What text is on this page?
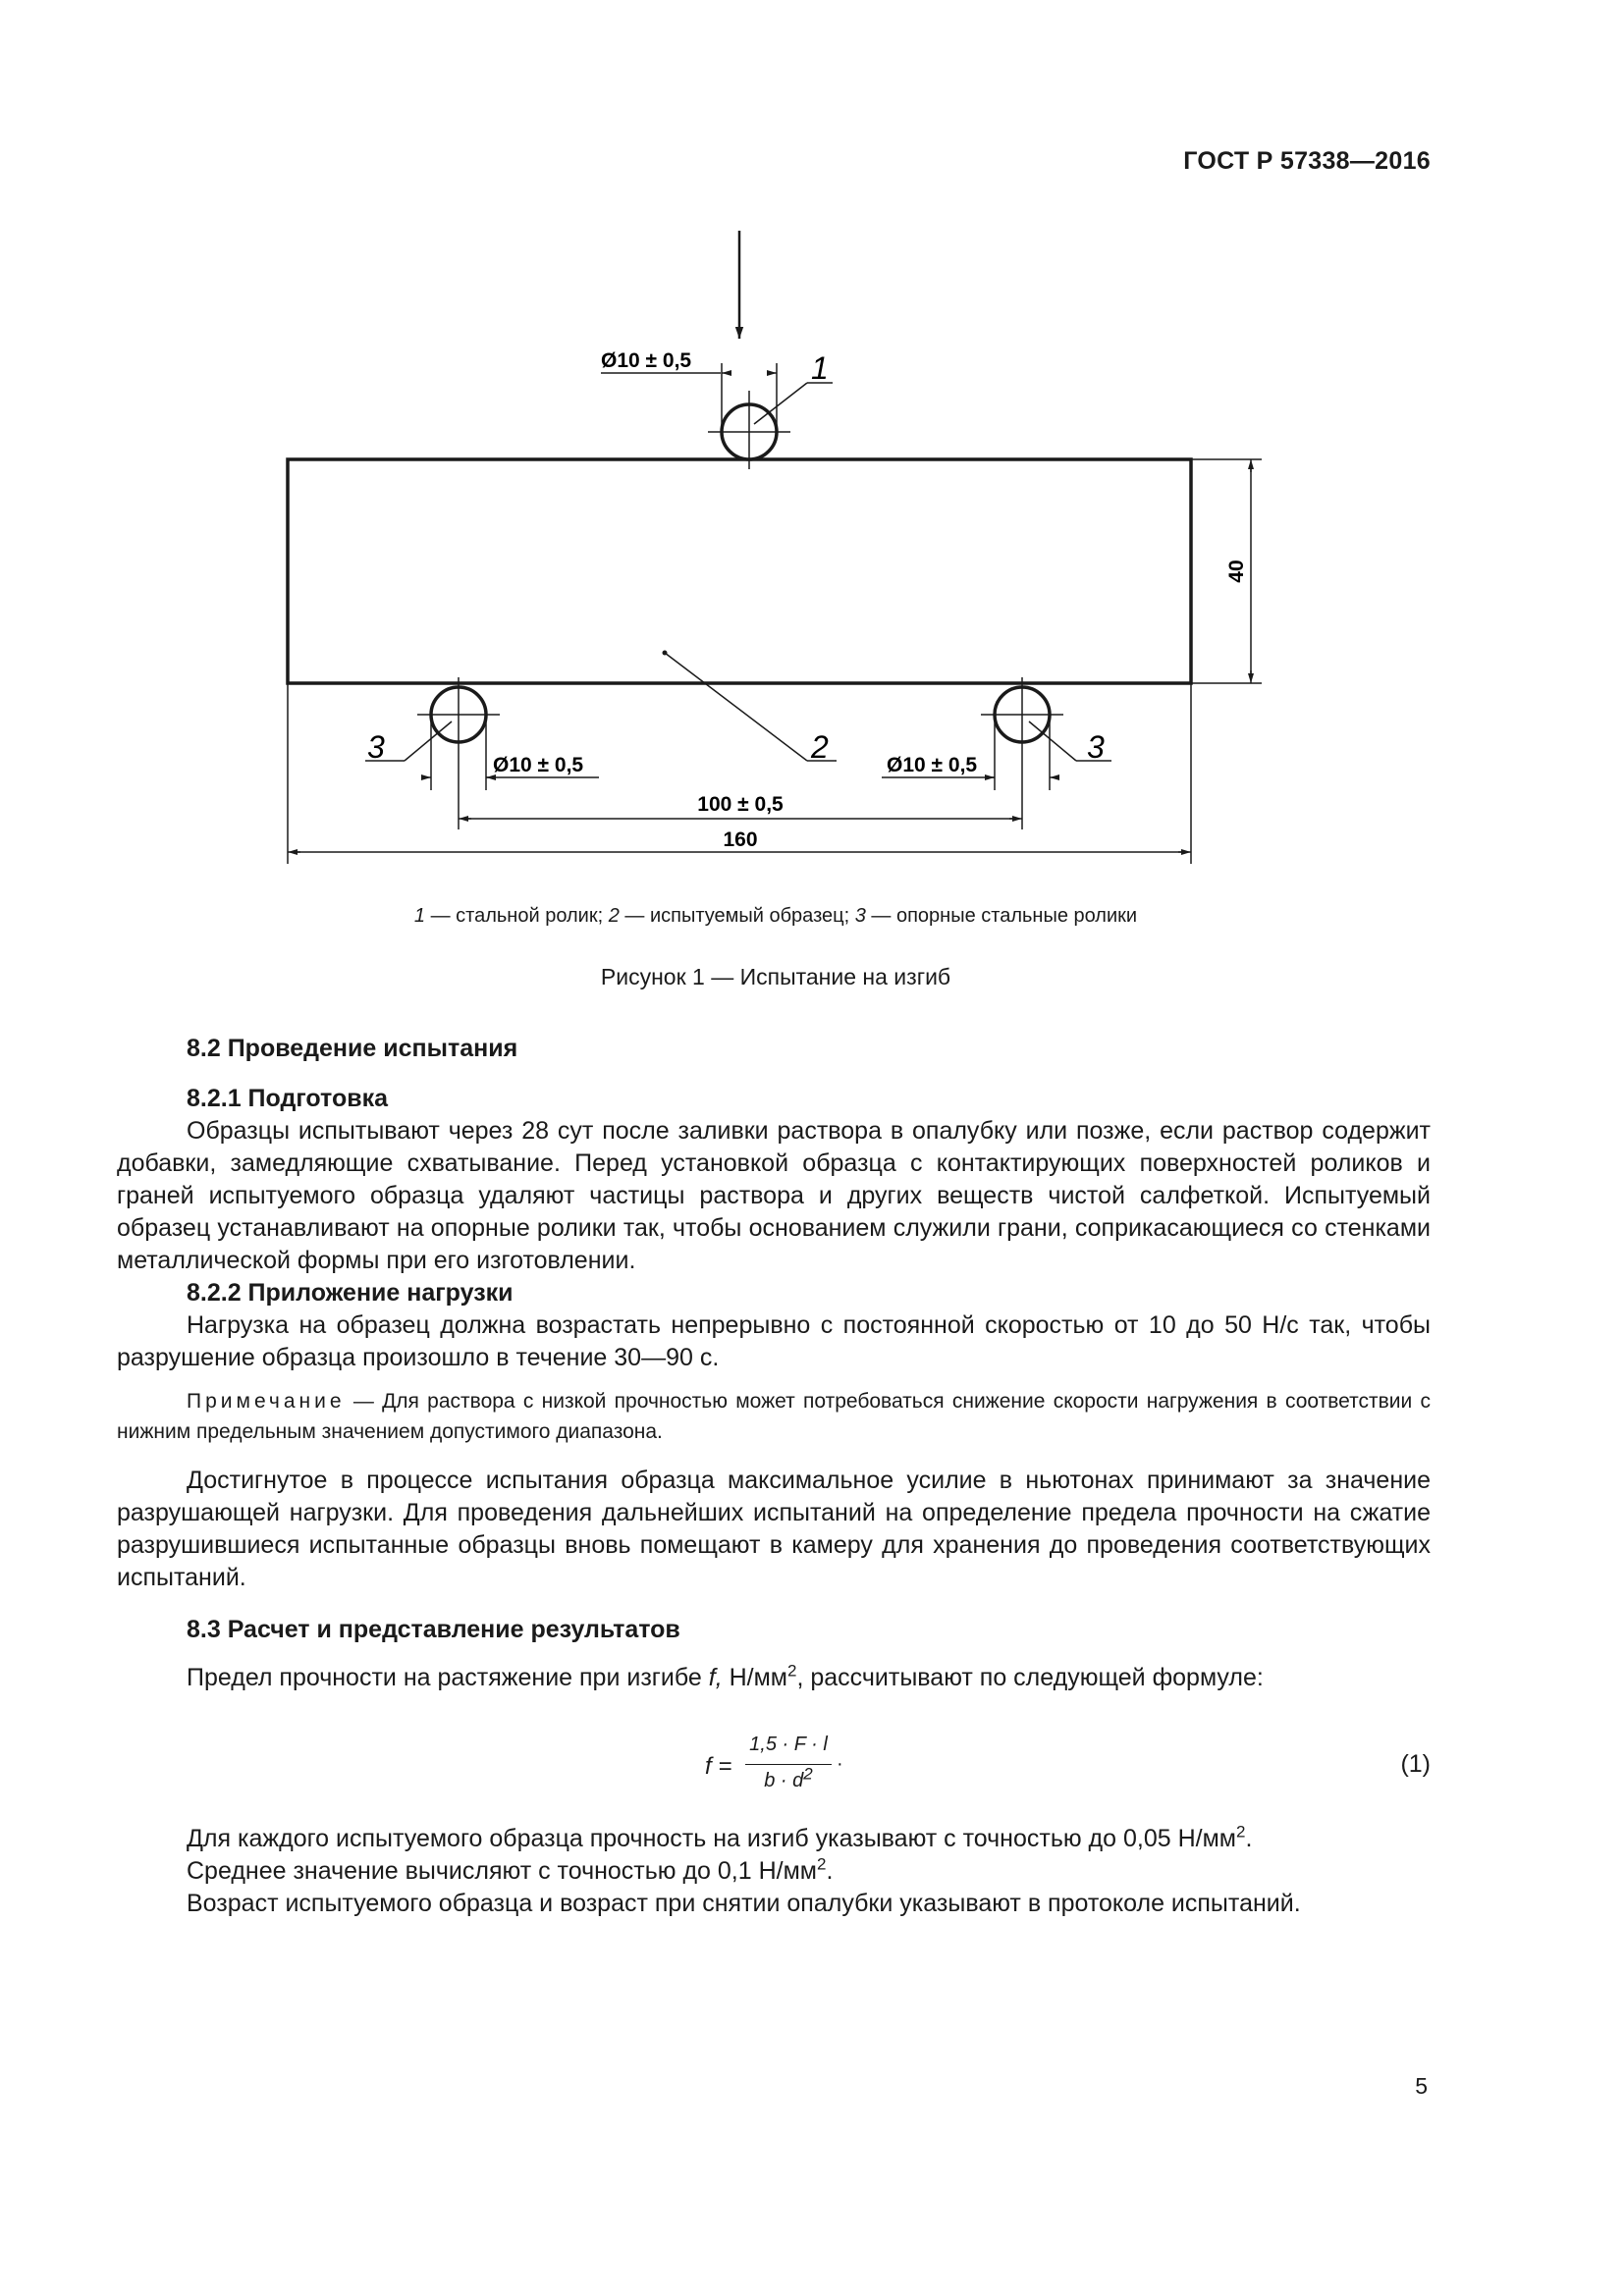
ГОСТ Р 57338—2016
Ø10 ± 0,5	1
Ø10 ± 0,5	Ø10 ± 0,5
3	3
2
100 ± 0,5
160
40
1 — стальной ролик; 2 — испытуемый образец; 3 — опорные стальные ролики
Рисунок 1 — Испытание на изгиб

8.2 Проведение испытания

8.2.1 Подготовка

Образцы испытывают через 28 сут после заливки раствора в опалубку или позже, если раствор содержит добавки, замедляющие схватывание. Перед установкой образца с контактирующих поверхностей роликов и граней испытуемого образца удаляют частицы раствора и других веществ чистой салфеткой. Испытуемый образец устанавливают на опорные ролики так, чтобы основанием служили грани, соприкасающиеся со стенками металлической формы при его изготовлении.

8.2.2 Приложение нагрузки

Нагрузка на образец должна возрастать непрерывно с постоянной скоростью от 10 до 50 Н/с так, чтобы разрушение образца произошло в течение 30—90 с.

Примечание — Для раствора с низкой прочностью может потребоваться снижение скорости нагружения в соответствии с нижним предельным значением допустимого диапазона.

Достигнутое в процессе испытания образца максимальное усилие в ньютонах принимают за значение разрушающей нагрузки. Для проведения дальнейших испытаний на определение предела прочности на сжатие разрушившиеся испытанные образцы вновь помещают в камеру для хранения до проведения соответствующих испытаний.

8.3 Расчет и представление результатов

Предел прочности на растяжение при изгибе f, $Н/мм^2$, рассчитывают по следующей формуле:

f =
1,5 · F · l
$b \cdot d^2$	·	(1)

Для каждого испытуемого образца прочность на изгиб указывают с точностью до 0,05 $Н/мм^2$.

Среднее значение вычисляют с точностью до 0,1 $Н/мм^2$.

Возраст испытуемого образца и возраст при снятии опалубки указывают в протоколе испытаний.

5
